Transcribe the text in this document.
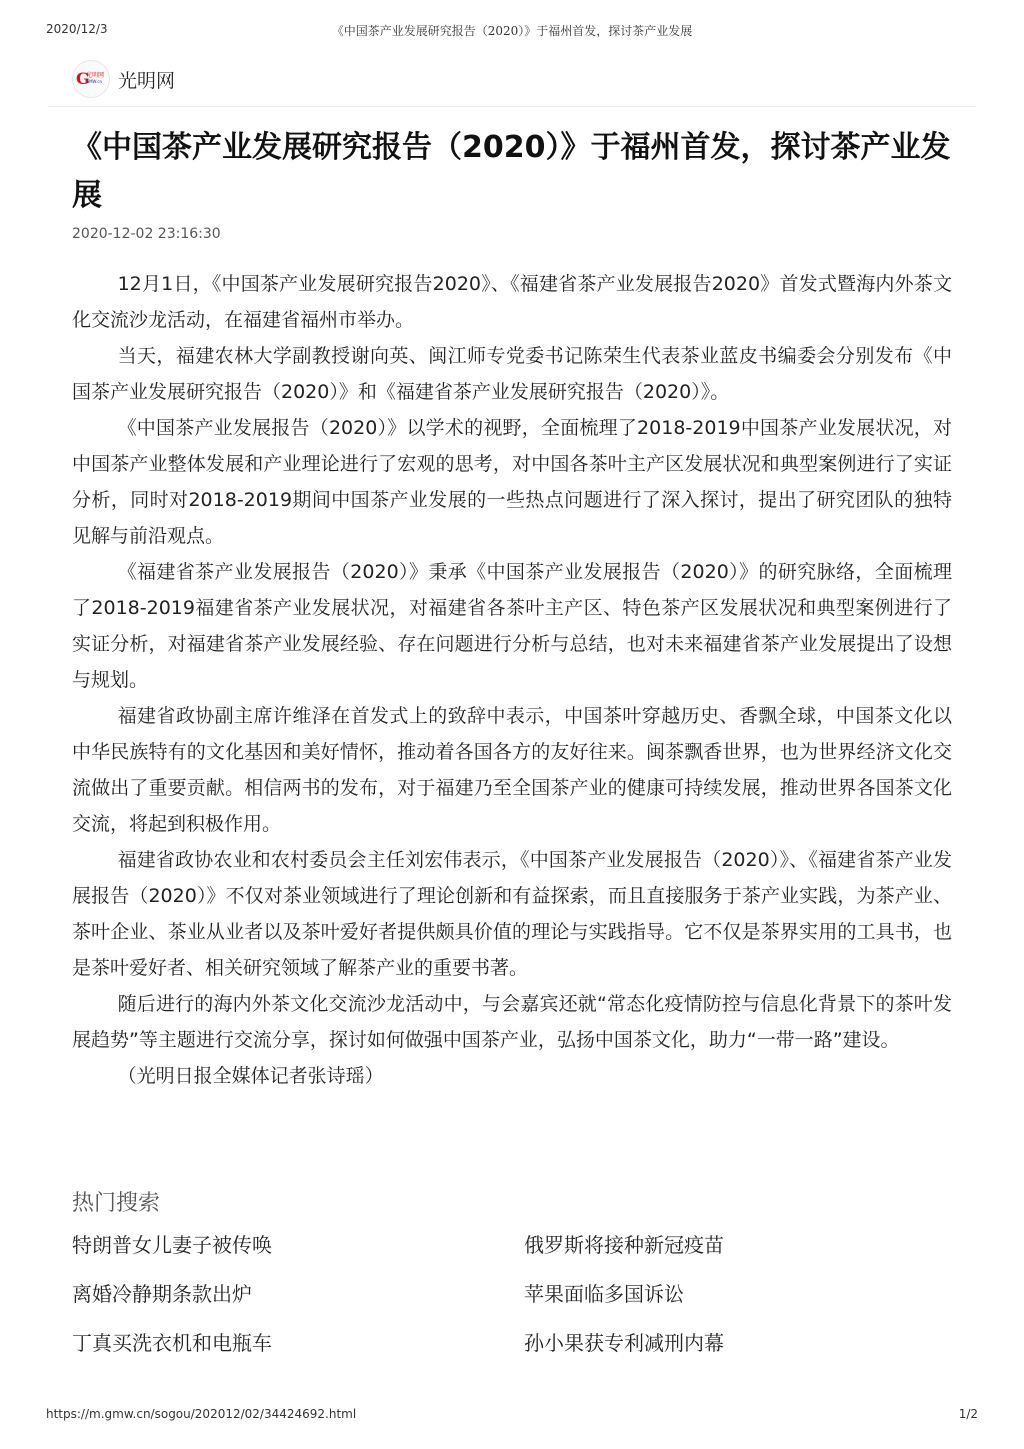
2020/12/3	《中国茶产业发展研究报告（2020）》于福州首发，探讨茶产业发展
G
光明网
GMW.cn 光明网
《中国茶产业发展研究报告（2020）》于福州首发，探讨茶产业发展
2020-12-02 23:16:30

12月1日，《中国茶产业发展研究报告2020》、《福建省茶产业发展报告2020》首发式暨海内外茶文化交流沙龙活动，在福建省福州市举办。

当天，福建农林大学副教授谢向英、闽江师专党委书记陈荣生代表茶业蓝皮书编委会分别发布《中国茶产业发展研究报告（2020）》和《福建省茶产业发展研究报告（2020）》。

《中国茶产业发展报告（2020）》以学术的视野，全面梳理了2018-2019中国茶产业发展状况，对中国茶产业整体发展和产业理论进行了宏观的思考，对中国各茶叶主产区发展状况和典型案例进行了实证分析，同时对2018-2019期间中国茶产业发展的一些热点问题进行了深入探讨，提出了研究团队的独特见解与前沿观点。

《福建省茶产业发展报告（2020）》秉承《中国茶产业发展报告（2020）》的研究脉络，全面梳理了2018-2019福建省茶产业发展状况，对福建省各茶叶主产区、特色茶产区发展状况和典型案例进行了实证分析，对福建省茶产业发展经验、存在问题进行分析与总结，也对未来福建省茶产业发展提出了设想与规划。

福建省政协副主席许维泽在首发式上的致辞中表示，中国茶叶穿越历史、香飘全球，中国茶文化以中华民族特有的文化基因和美好情怀，推动着各国各方的友好往来。闽茶飘香世界，也为世界经济文化交流做出了重要贡献。相信两书的发布，对于福建乃至全国茶产业的健康可持续发展，推动世界各国茶文化交流，将起到积极作用。

福建省政协农业和农村委员会主任刘宏伟表示，《中国茶产业发展报告（2020）》、《福建省茶产业发展报告（2020）》不仅对茶业领域进行了理论创新和有益探索，而且直接服务于茶产业实践，为茶产业、茶叶企业、茶业从业者以及茶叶爱好者提供颇具价值的理论与实践指导。它不仅是茶界实用的工具书，也是茶叶爱好者、相关研究领域了解茶产业的重要书著。

随后进行的海内外茶文化交流沙龙活动中，与会嘉宾还就“常态化疫情防控与信息化背景下的茶叶发展趋势”等主题进行交流分享，探讨如何做强中国茶产业，弘扬中国茶文化，助力“一带一路”建设。

（光明日报全媒体记者张诗瑶）

热门搜索
特朗普女儿妻子被传唤	俄罗斯将接种新冠疫苗
离婚冷静期条款出炉	苹果面临多国诉讼
丁真买洗衣机和电瓶车	孙小果获专利减刑内幕
https://m.gmw.cn/sogou/202012/02/34424692.html	1/2
